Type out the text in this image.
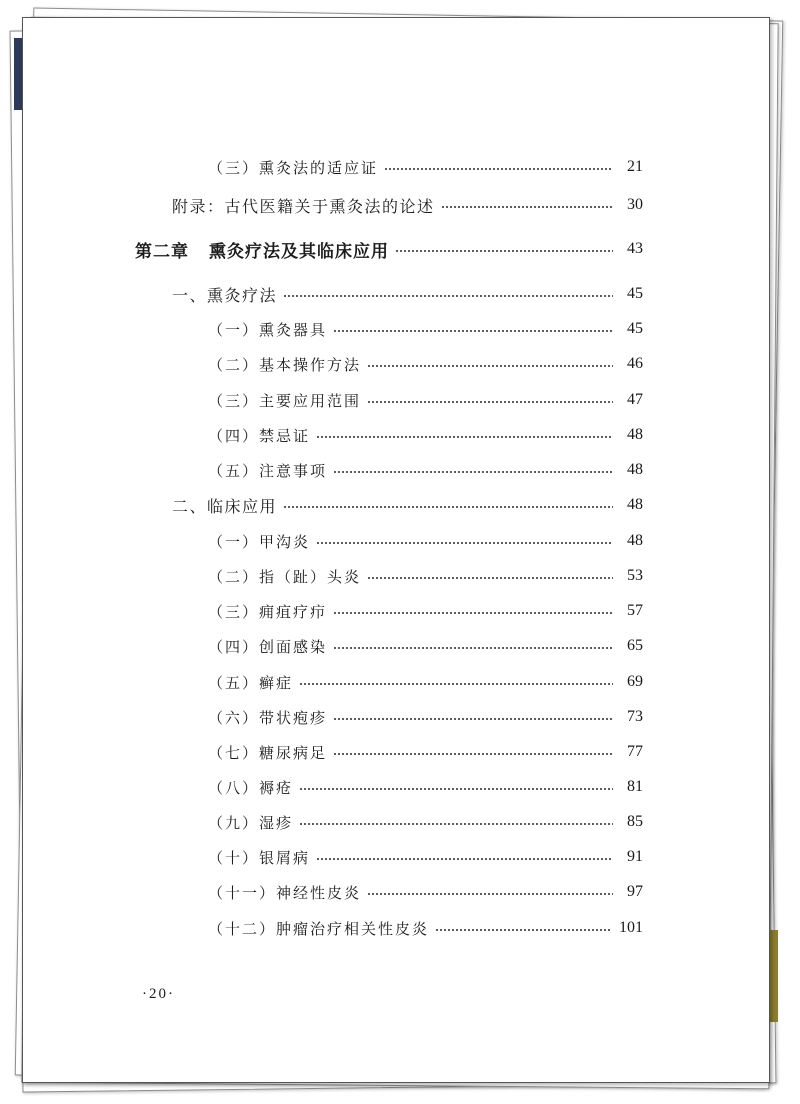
（三）熏灸法的适应证	21
附录：古代医籍关于熏灸法的论述	30
第二章 熏灸疗法及其临床应用	43
一、熏灸疗法	45
（一）熏灸器具	45
（二）基本操作方法	46
（三）主要应用范围	47
（四）禁忌证	48
（五）注意事项	48
二、临床应用	48
（一）甲沟炎	48
（二）指（趾）头炎	53
（三）痈疽疗疖	57
（四）创面感染	65
（五）癣症	69
（六）带状疱疹	73
（七）糖尿病足	77
（八）褥疮	81
（九）湿疹	85
（十）银屑病	91
（十一）神经性皮炎	97
（十二）肿瘤治疗相关性皮炎	101
·20·
